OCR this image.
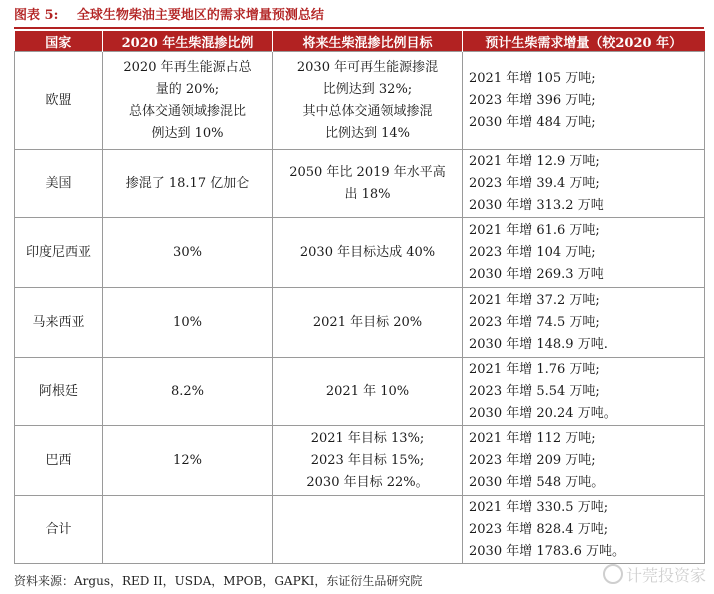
图表 5: 全球生物柴油主要地区的需求增量预测总结
国家	2020 年生柴混掺比例	将来生柴混掺比例目标	预计生柴需求增量（较2020 年）
欧盟	2020 年再生能源占总
量的 20%;
总体交通领域掺混比
例达到 10%	2030 年可再生能源掺混
比例达到 32%;
其中总体交通领域掺混
比例达到 14%	2021 年增 105 万吨;
2023 年增 396 万吨;
2030 年增 484 万吨;

美国	掺混了 18.17 亿加仑	2050 年比 2019 年水平高
出 18%	2021 年增 12.9 万吨;
2023 年增 39.4 万吨;
2030 年增 313.2 万吨

印度尼西亚	30%	2030 年目标达成 40%	2021 年增 61.6 万吨;
2023 年增 104 万吨;
2030 年增 269.3 万吨

马来西亚	10%	2021 年目标 20%	2021 年增 37.2 万吨;
2023 年增 74.5 万吨;
2030 年增 148.9 万吨.

阿根廷	8.2%	2021 年 10%	2021 年增 1.76 万吨;
2023 年增 5.54 万吨;
2030 年增 20.24 万吨。

巴西	12%	2021 年目标 13%;
2023 年目标 15%;
2030 年目标 22%。	2021 年增 112 万吨;
2023 年增 209 万吨;
2030 年增 548 万吨。

合计			2021 年增 330.5 万吨;
2023 年增 828.4 万吨;
2030 年增 1783.6 万吨。
资料来源：Argus，RED II，USDA，MPOB，GAPKI，东证衍生品研究院	计莞投资家
